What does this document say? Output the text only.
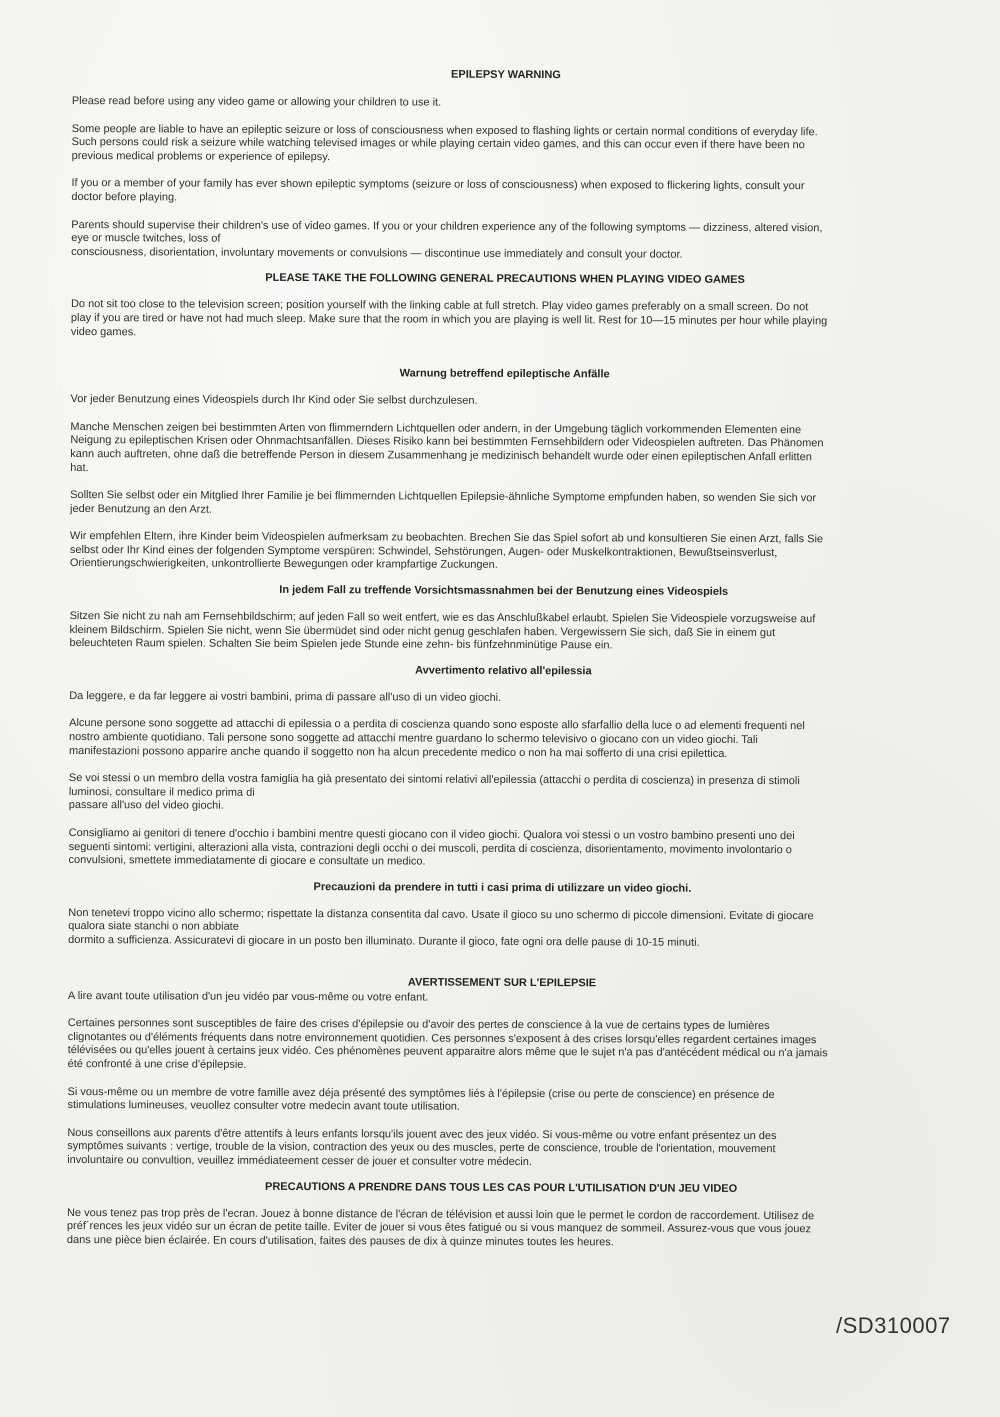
EPILEPSY WARNING

Please read before using any video game or allowing your children to use it.

Some people are liable to have an epileptic seizure or loss of consciousness when exposed to flashing lights or certain normal conditions of everyday life.
Such persons could risk a seizure while watching televised images or while playing certain video games, and this can occur even if there have been no
previous medical problems or experience of epilepsy.

If you or a member of your family has ever shown epileptic symptoms (seizure or loss of consciousness) when exposed to flickering lights, consult your
doctor before playing.

Parents should supervise their children's use of video games. If you or your children experience any of the following symptoms — dizziness, altered vision,
eye or muscle twitches, loss of
consciousness, disorientation, involuntary movements or convulsions — discontinue use immediately and consult your doctor.

PLEASE TAKE THE FOLLOWING GENERAL PRECAUTIONS WHEN PLAYI​NG VIDEO GAMES

Do not sit too close to the television screen; position yourself with the linking cable at full stretch. Play video games preferably on a small screen. Do not
play if you are tired or have not had much sleep. Make sure that the room in which you are playing is well lit. Rest for 10—15 minutes per hour while playing
video games.

Warnung betreffend epileptische Anfälle

Vor jeder Benutzung eines Videospiels durch Ihr Kind oder Sie selbst durchzulesen.

Manche Menschen zeigen bei bestimmten Arten von flimmerndern Lichtquellen oder andern, in der Umgebung täglich vorkommenden Elementen eine
Neigung zu epileptischen Krisen oder Ohnmachtsanfällen. Dieses Risiko kann bei bestimmten Fernsehbildern oder Videospielen auftreten. Das Phänomen
kann auch auftreten, ohne daß die betreffende Person in diesem Zusammenhang je medizinisch behandelt wurde oder einen epileptischen Anfall erlitten
hat.

Sollten Sie selbst oder ein Mitglied Ihrer Familie je bei flimmernden Lichtquellen Epilepsie-ähnliche Symptome empfunden haben, so wenden Sie sich vor
jeder Benutzung an den Arzt.

Wir empfehlen Eltern, ihre Kinder beim Videospielen aufmerksam zu beobachten. Brechen Sie das Spiel sofort ab und konsultieren Sie einen Arzt, falls Sie
selbst oder Ihr Kind eines der folgenden Symptome verspüren: Schwindel, Sehstörungen, Augen- oder Muskelkontraktionen, Bewußtseinsverlust,
Orientierungschwierigkeiten, unkontrollierte Bewegungen oder krampfartige Zuckungen.

In jedem Fall zu treffende Vorsichtsmassnahmen bei der Benutzung eines Videospiels

Sitzen Sie nicht zu nah am Fernsehbildschirm; auf jeden Fall so weit entfert, wie es das Anschlußkabel erlaubt. Spielen Sie Videospiele vorzugsweise auf
kleinem Bildschirm. Spielen Sie nicht, wenn Sie übermüdet sind oder nicht genug geschlafen haben. Vergewissern Sie sich, daß Sie in einem gut
beleuchteten Raum spielen. Schalten Sie beim Spielen jede Stunde eine zehn- bis fünfzehnminütige Pause ein.

Avvertimento relativo all'epilessia

Da leggere, e da far leggere ai vostri bambini, prima di passare all'uso di un video giochi.

Alcune persone sono soggette ad attacchi di epilessia o a perdita di coscienza quando sono esposte allo sfarfallio della luce o ad elementi frequenti nel
nostro ambiente quotidiano. Tali persone sono soggette ad attacchi mentre guardano lo schermo televisivo o giocano con un video giochi. Tali
manifestazioni possono apparire anche quando il soggetto non ha alcun precedente medico o non ha mai sofferto di una crisi epilettica.

Se voi stessi o un membro della vostra famiglia ha già presentato dei sintomi relativi all'epilessia (attacchi o perdita di coscienza) in presenza di stimoli
luminosi, consultare il medico prima di
passare all'uso del video giochi.

Consigliamo ai genitori di tenere d'occhio i bambini mentre questi giocano con il video giochi. Qualora voi stessi o un vostro bambino presenti uno dei
seguenti sintomi: vertigini, alterazioni alla vista, contrazioni degli occhi o dei muscoli, perdita di coscienza, disorientamento, movimento involontario o
convulsioni, smettete immediatamente di giocare e consultate un medico.

Precauzioni da prendere in tutti i casi prima di utilizzare un video giochi.

Non tenetevi troppo vicino allo schermo; rispettate la distanza consentita dal cavo. Usate il gioco su uno schermo di piccole dimensioni. Evitate di giocare
qualora siate stanchi o non abbiate
dormito a sufficienza. Assicuratevi di giocare in un posto ben illuminato. Durante il gioco, fate ogni ora delle pause di 10-15 minuti.

AVERTISSEMENT SUR L'EPILEPSIE

A lire avant toute utilisation d'un jeu vidéo par vous-même ou votre enfant.

Certaines personnes sont susceptibles de faire des crises d'épilepsie ou d'avoir des pertes de conscience à la vue de certains types de lumières
clignotantes ou d'éléments fréquents dans notre environnement quotidien. Ces personnes s'exposent à des crises lorsqu'elles regardent certaines images
télévisées ou qu'elles jouent à certains jeux vidéo. Ces phénomènes peuvent apparaitre alors même que le sujet n'a pas d'antécédent médical ou n'a jamais
été confronté à une crise d'épilepsie.

Si vous-même ou un membre de votre famille avez déja présenté des symptômes liés à l'épilepsie (crise ou perte de conscience) en présence de
stimulations lumineuses, veuollez consulter votre medecin avant toute utilisation.

Nous conseillons aux parents d'être attentifs à leurs enfants lorsqu'ils jouent avec des jeux vidéo. Si vous-même ou votre enfant présentez un des
symptômes suivants : vertige, trouble de la vision, contraction des yeux ou des muscles, perte de conscience, trouble de l'orientation, mouvement
involuntaire ou convultion, veuillez immédiateement cesser de jouer et consulter votre médecin.

PRECAUTIONS A PRENDRE DANS TOUS LES CAS POUR L'UTILISATION D'UN JEU VIDEO

Ne vous tenez pas trop près de l'ecran. Jouez à bonne distance de l'écran de télévision et aussi loin que le permet le cordon de raccordement. Utilisez de
préf´rences les jeux vidéo sur un écran de petite taille. Eviter de jouer si vous êtes fatigué ou si vous manquez de sommeil. Assurez-vous que vous jouez
dans une pièce bien éclairée. En cours d'utilisation, faites des pauses de dix à quinze minutes toutes les heures.

/SD310007
